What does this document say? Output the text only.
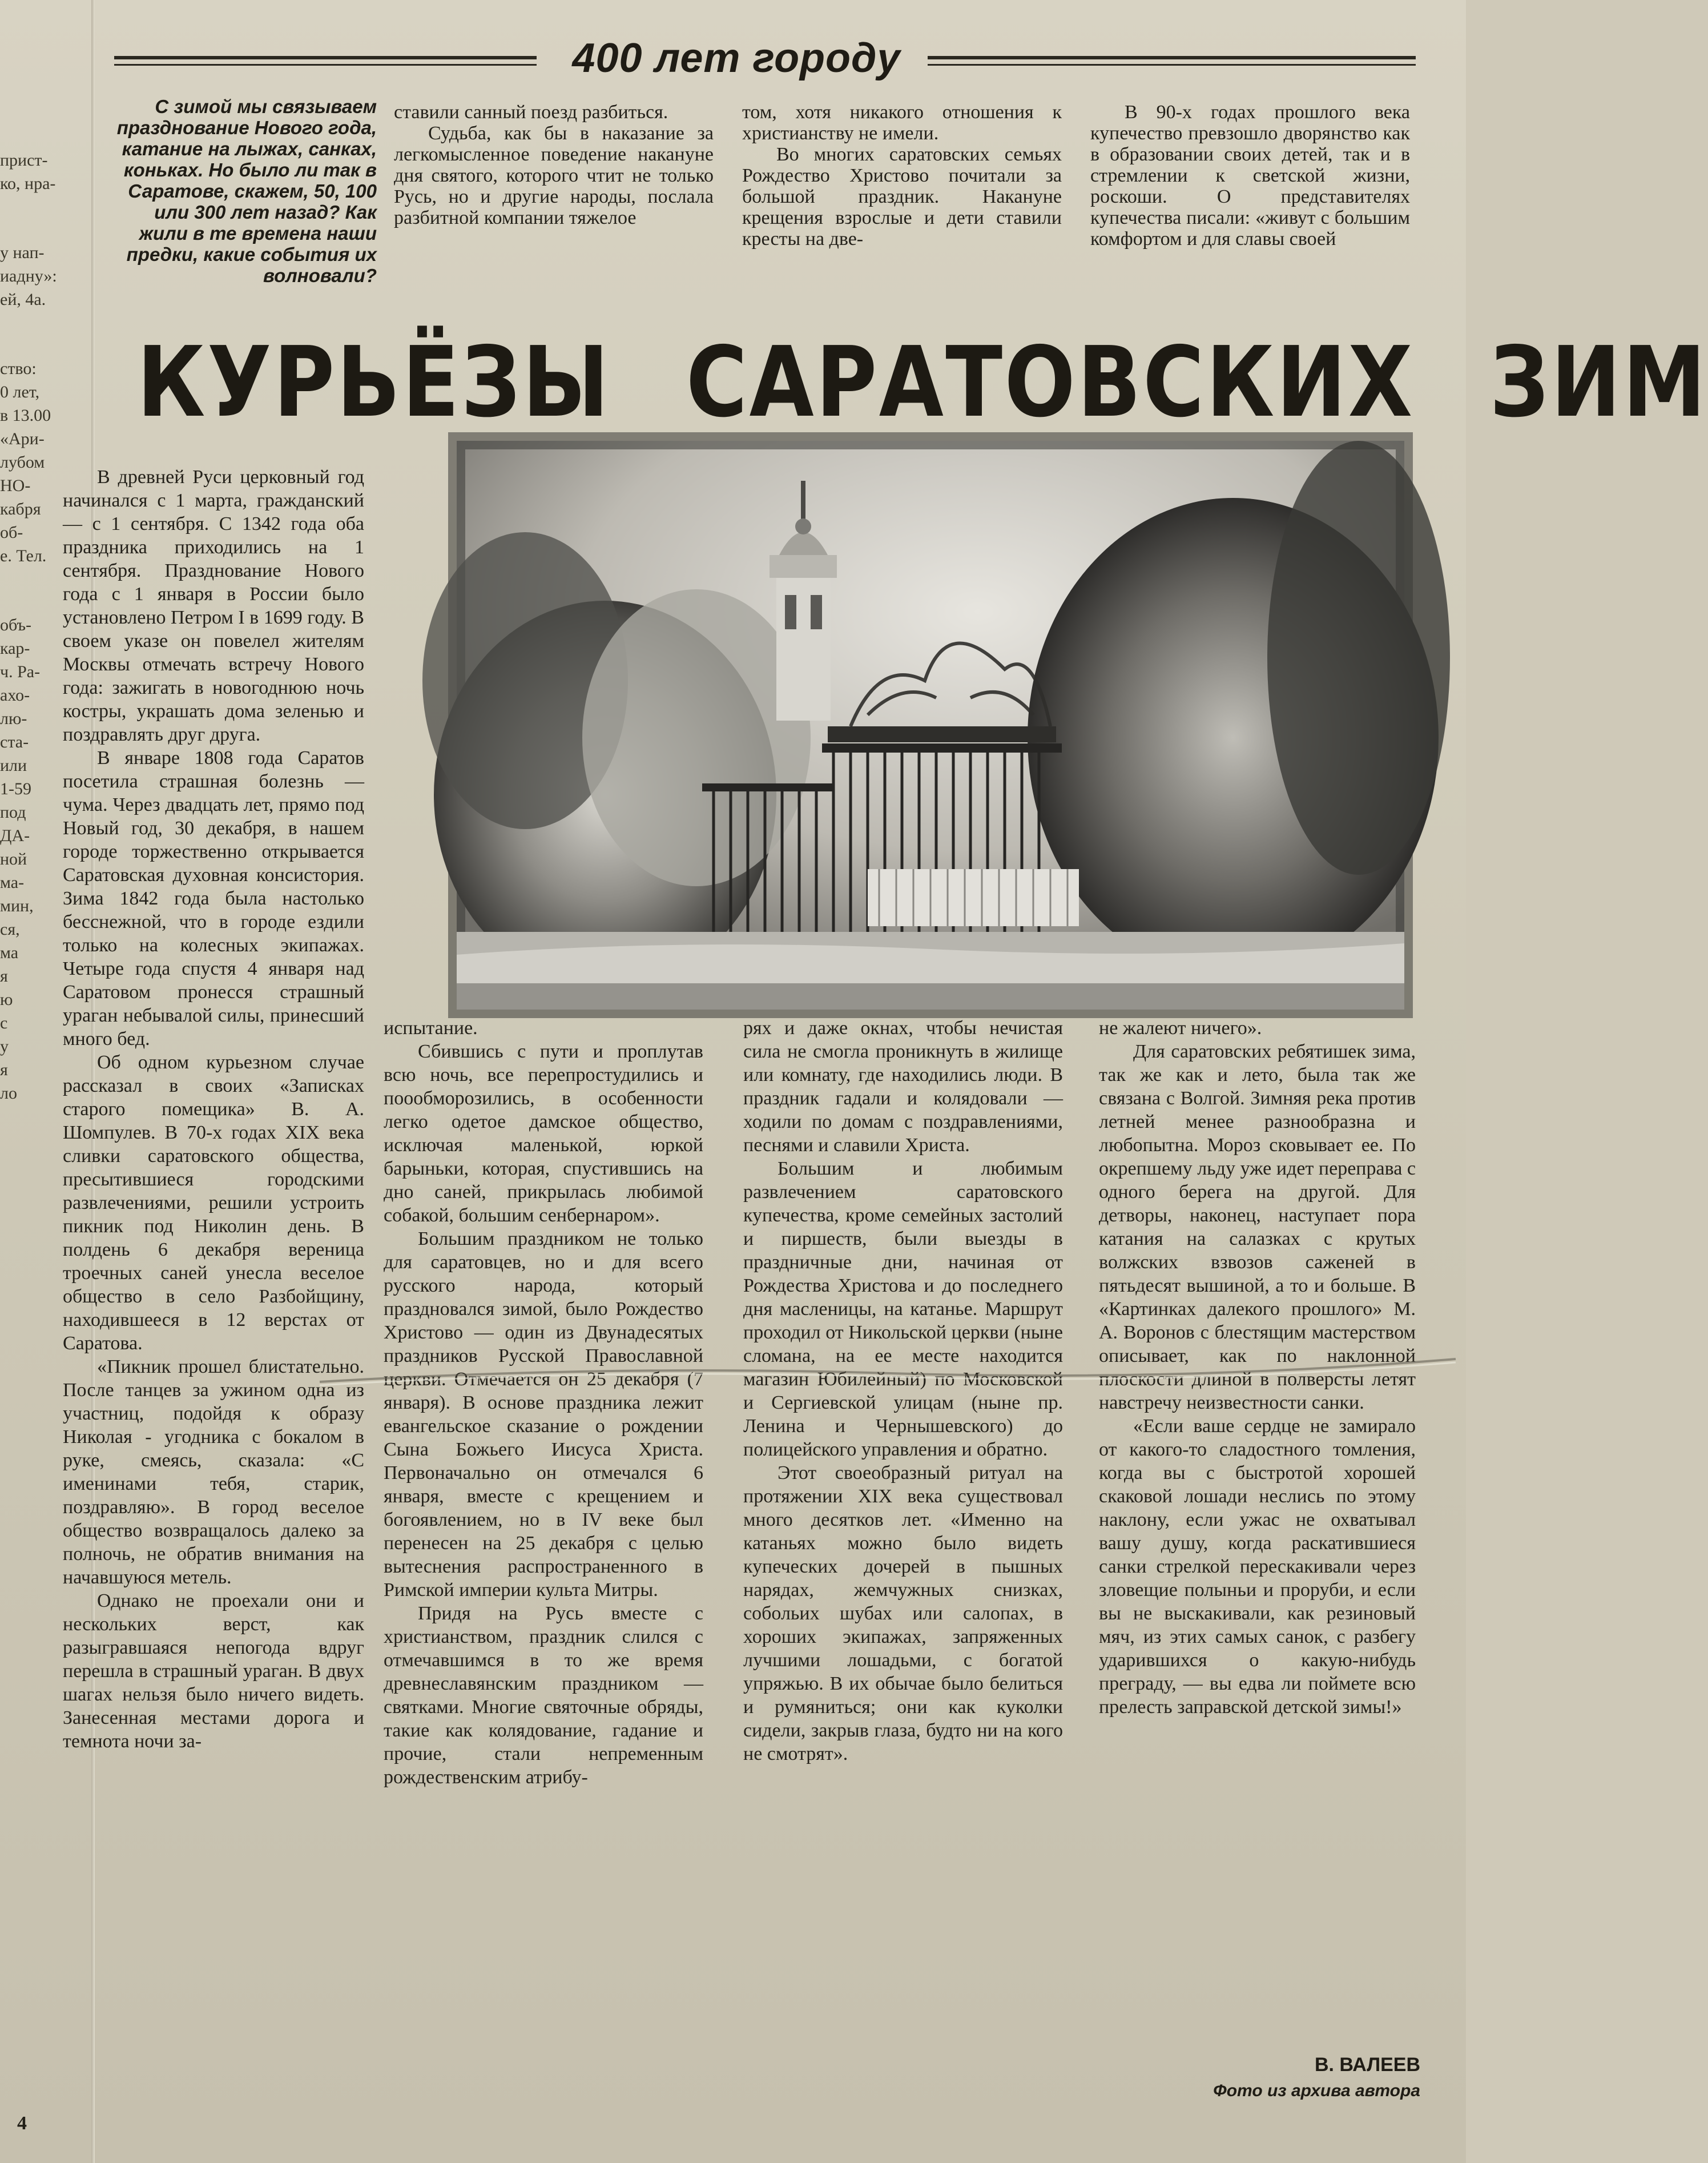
прист-
ко, нра-
у нап-
иадну»:
ей, 4а.
ство:
0 лет,
в 13.00
«Ари-
лубом
НО-
кабря
об-
е. Тел.
объ-
кар-
ч. Ра-
ахо-
лю-
ста-
или
1-59
под
ДА-
ной
ма-
мин,
ся,
ма
я
ю
с
у
я
ло
400 лет городу
С зимой мы связываем празднование Нового года, катание на лыжах, санках, коньках. Но было ли так в Саратове, скажем, 50, 100 или 300 лет назад? Как жили в те времена наши предки, какие события их волновали?

ставили санный поезд разбиться.

Судьба, как бы в наказание за легкомысленное поведение накануне дня святого, которого чтит не только Русь, но и другие народы, послала разбитной компании тяжелое

том, хотя никакого отношения к христианству не имели.

Во многих саратовских семьях Рождество Христово почитали за большой праздник. Накануне крещения взрослые и дети ставили кресты на две-

В 90-х годах прошлого века купечество превзошло дворянство как в образовании своих детей, так и в стремлении к светской жизни, роскоши. О представителях купечества писали: «живут с большим комфортом и для славы своей

КУРЬЁЗЫ САРАТОВСКИХ ЗИМ

В древней Руси церковный год начинался с 1 марта, гражданский — с 1 сентября. С 1342 года оба праздника приходились на 1 сентября. Празднование Нового года с 1 января в России было установлено Петром I в 1699 году. В своем указе он повелел жителям Москвы отмечать встречу Нового года: зажигать в новогоднюю ночь костры, украшать дома зеленью и поздравлять друг друга.

В январе 1808 года Саратов посетила страшная болезнь — чума. Через двадцать лет, прямо под Новый год, 30 декабря, в нашем городе торжественно открывается Саратовская духовная консистория. Зима 1842 года была настолько бесснежной, что в городе ездили только на колесных экипажах. Четыре года спустя 4 января над Саратовом пронесся страшный ураган небывалой силы, принесший много бед.

Об одном курьезном случае рассказал в своих «Записках старого помещика» В. А. Шомпулев. В 70-х годах XIX века сливки саратовского общества, пресытившиеся городскими развлечениями, решили устроить пикник под Николин день. В полдень 6 декабря вереница троечных саней унесла веселое общество в село Разбойщину, находившееся в 12 верстах от Саратова.

«Пикник прошел блистательно. После танцев за ужином одна из участниц, подойдя к образу Николая - угодника с бокалом в руке, смеясь, сказала: «С именинами тебя, старик, поздравляю». В город веселое общество возвращалось далеко за полночь, не обратив внимания на начавшуюся метель.

Однако не проехали они и нескольких верст, как разыгравшаяся непогода вдруг перешла в страшный ураган. В двух шагах нельзя было ничего видеть. Занесенная местами дорога и темнота ночи за-

испытание.

Сбившись с пути и проплутав всю ночь, все перепростудились и поообморозились, в особенности легко одетое дамское общество, исключая маленькой, юркой барыньки, которая, спустившись на дно саней, прикрылась любимой собакой, большим сенбернаром».

Большим праздником не только для саратовцев, но и для всего русского народа, который праздновался зимой, было Рождество Христово — один из Двунадесятых праздников Русской Православной церкви. Отмечается он 25 декабря (7 января). В основе праздника лежит евангельское сказание о рождении Сына Божьего Иисуса Христа. Первоначально он отмечался 6 января, вместе с крещением и богоявлением, но в IV веке был перенесен на 25 декабря с целью вытеснения распространенного в Римской империи культа Митры.

Придя на Русь вместе с христианством, праздник слился с отмечавшимся в то же время древнеславянским праздником — святками. Многие святочные обряды, такие как колядование, гадание и прочие, стали непременным рождественским атрибу-

рях и даже окнах, чтобы нечистая сила не смогла проникнуть в жилище или комнату, где находились люди. В праздник гадали и колядовали — ходили по домам с поздравлениями, песнями и славили Христа.

Большим и любимым развлечением саратовского купечества, кроме семейных застолий и пиршеств, были выезды в праздничные дни, начиная от Рождества Христова и до последнего дня масленицы, на катанье. Маршрут проходил от Никольской церкви (ныне сломана, на ее месте находится магазин Юбилейный) по Московской и Сергиевской улицам (ныне пр. Ленина и Чернышевского) до полицейского управления и обратно.

Этот своеобразный ритуал на протяжении XIX века существовал много десятков лет. «Именно на катаньях можно было видеть купеческих дочерей в пышных нарядах, жемчужных снизках, собольих шубах или салопах, в хороших экипажах, запряженных лучшими лошадьми, с богатой упряжью. В их обычае было белиться и румяниться; они как куколки сидели, закрыв глаза, будто ни на кого не смотрят».

не жалеют ничего».

Для саратовских ребятишек зима, так же как и лето, была так же связана с Волгой. Зимняя река против летней менее разнообразна и любопытна. Мороз сковывает ее. По окрепшему льду уже идет переправа с одного берега на другой. Для детворы, наконец, наступает пора катания на салазках с крутых волжских взвозов саженей в пятьдесят вышиной, а то и больше. В «Картинках далекого прошлого» М. А. Воронов с блестящим мастерством описывает, как по наклонной плоскости длиной в полверсты летят навстречу неизвестности санки.

«Если ваше сердце не замирало от какого-то сладостного томления, когда вы с быстротой хорошей скаковой лошади неслись по этому наклону, если ужас не охватывал вашу душу, когда раскатившиеся санки стрелкой перескакивали через зловещие полыньи и проруби, и если вы не выскакивали, как резиновый мяч, из этих самых санок, с разбегу ударившихся о какую-нибудь преграду, — вы едва ли поймете всю прелесть заправской детской зимы!»

В. ВАЛЕЕВ
Фото из архива автора
4
